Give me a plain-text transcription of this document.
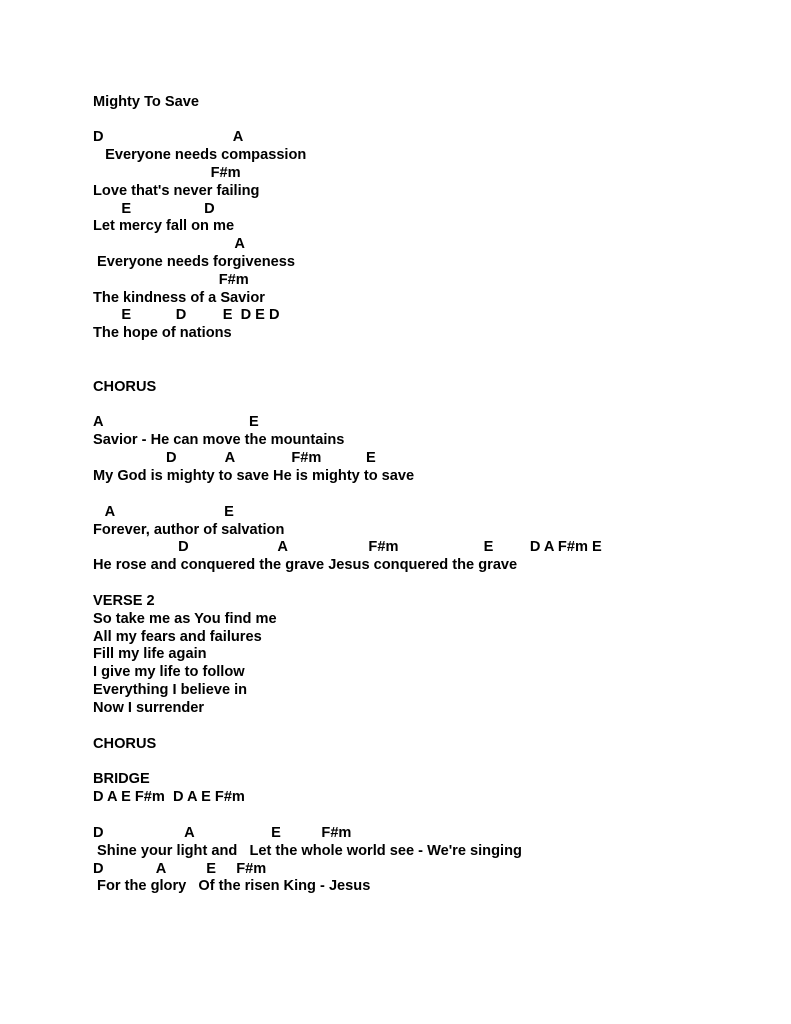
Mighty To Save

D                                A

Everyone needs compassion

F#m

Love that's never failing

E                  D

Let mercy fall on me

A

Everyone needs forgiveness

F#m

The kindness of a Savior

E           D         E  D E D

The hope of nations

CHORUS

A                                    E

Savior - He can move the mountains

D            A              F#m           E

My God is mighty to save He is mighty to save

A                           E

Forever, author of salvation

D                      A                    F#m                     E         D A F#m E

He rose and conquered the grave Jesus conquered the grave

VERSE 2

So take me as You find me

All my fears and failures

Fill my life again

I give my life to follow

Everything I believe in

Now I surrender

CHORUS

BRIDGE

D A E F#m  D A E F#m

D                    A                   E          F#m

Shine your light and   Let the whole world see - We're singing

D             A          E     F#m

For the glory   Of the risen King - Jesus
